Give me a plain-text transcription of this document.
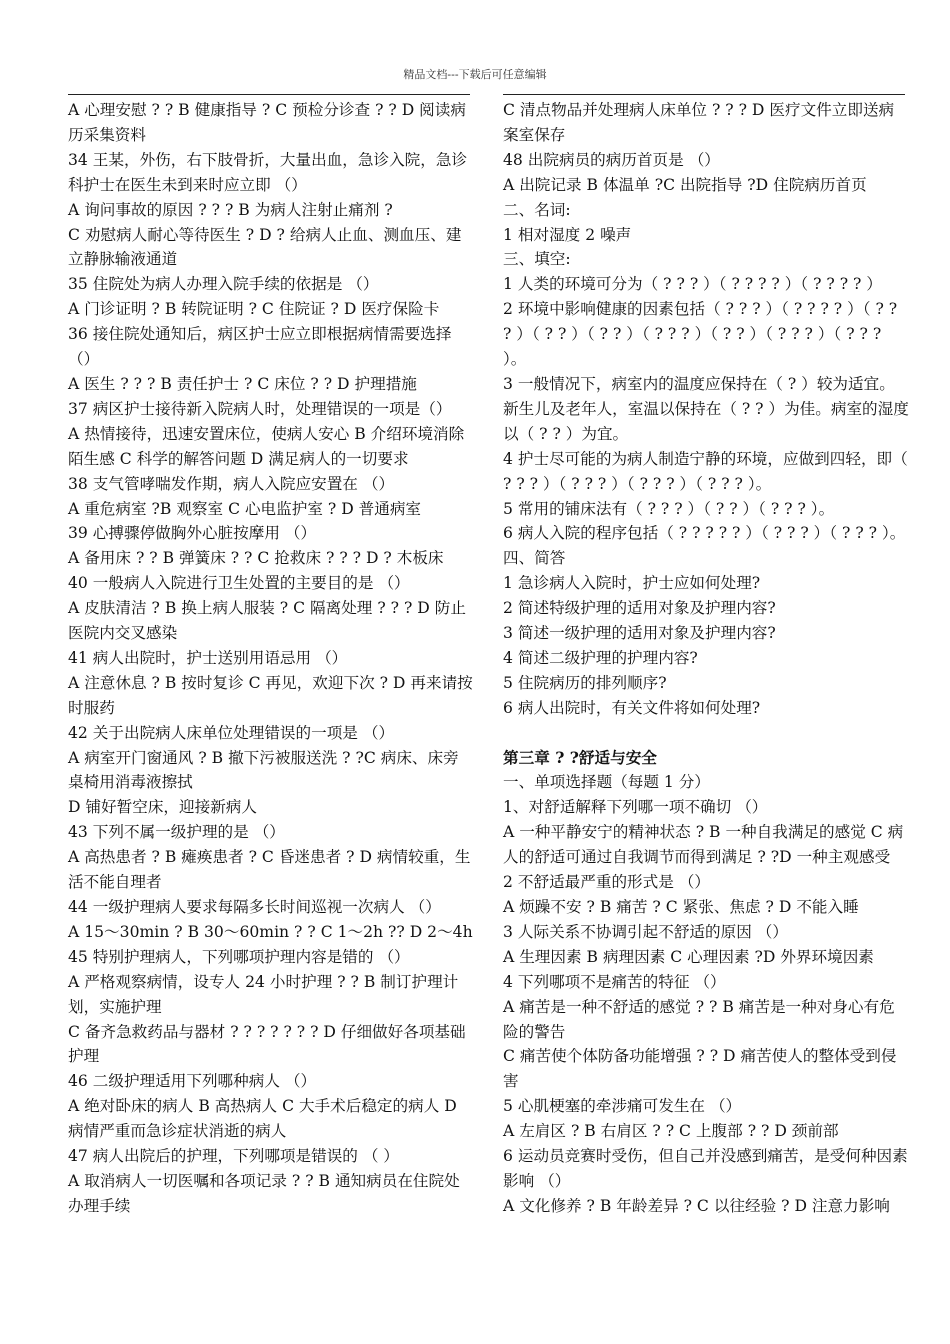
精品文档---下载后可任意编辑
A 心理安慰 ? ? B 健康指导 ? C 预检分诊查 ? ? D 阅读病历采集资料
34 王某，外伤，右下肢骨折，大量出血，急诊入院，急诊科护士在医生未到来时应立即 （）
A 询问事故的原因 ? ? ? B 为病人注射止痛剂 ?
C 劝慰病人耐心等待医生 ? D ? 给病人止血、测血压、建立静脉输液通道
35 住院处为病人办理入院手续的依据是 （）
A 门诊证明 ? B 转院证明 ? C 住院证 ? D 医疗保险卡
36 接住院处通知后，病区护士应立即根据病情需要选择 （）
A 医生 ? ? ? B 责任护士 ? C 床位 ? ? D 护理措施
37 病区护士接待新入院病人时，处理错误的一项是（）
A 热情接待，迅速安置床位，使病人安心 B 介绍环境消除陌生感 C 科学的解答问题 D 满足病人的一切要求
38 支气管哮喘发作期，病人入院应安置在 （）
A 重危病室 ?B 观察室 C 心电监护室 ? D 普通病室
39 心搏骤停做胸外心脏按摩用 （）
A 备用床 ? ? B 弹簧床 ? ? C 抢救床 ? ? ? D ? 木板床
40 一般病人入院进行卫生处置的主要目的是 （）
A 皮肤清洁 ? B 换上病人服装 ? C 隔离处理 ? ? ? D 防止医院内交叉感染
41 病人出院时，护士送别用语忌用 （）
A 注意休息 ? B 按时复诊 C 再见，欢迎下次 ? D 再来请按时服药
42 关于出院病人床单位处理错误的一项是 （）
A 病室开门窗通风 ? B 撤下污被服送洗 ? ?C 病床、床旁桌椅用消毒液擦拭
D 铺好暂空床，迎接新病人
43 下列不属一级护理的是 （）
A 高热患者 ? B 瘫痪患者 ? C 昏迷患者 ? D 病情较重，生活不能自理者
44 一级护理病人要求每隔多长时间巡视一次病人 （）
A 15～30min ? B 30～60min ? ? C 1～2h ?? D 2～4h
45 特别护理病人，下列哪项护理内容是错的 （）
A 严格观察病情，设专人 24 小时护理 ? ? B 制订护理计划，实施护理
C 备齐急救药品与器材 ? ? ? ? ? ? ? D 仔细做好各项基础护理
46 二级护理适用下列哪种病人 （）
A 绝对卧床的病人 B 高热病人 C 大手术后稳定的病人 D 病情严重而急诊症状消逝的病人
47 病人出院后的护理，下列哪项是错误的 （ ）
A 取消病人一切医嘱和各项记录 ? ? B 通知病员在住院处办理手续
C 清点物品并处理病人床单位 ? ? ? D 医疗文件立即送病案室保存
48 出院病员的病历首页是 （）
A 出院记录 B 体温单 ?C 出院指导 ?D 住院病历首页
二、名词:
1 相对湿度 2 噪声
三、填空:
1 人类的环境可分为（ ? ? ? ）（ ? ? ? ? ）（ ? ? ? ? ）
2 环境中影响健康的因素包括（ ? ? ? ）（ ? ? ? ? ）（ ? ? ? ）（ ? ? ）（ ? ? ）（ ? ? ? ）（ ? ? ）（ ? ? ? ）（ ? ? ? ）。
3 一般情况下，病室内的温度应保持在（ ? ）较为适宜。新生儿及老年人，室温以保持在（ ? ? ）为佳。病室的湿度以（ ? ? ）为宜。
4 护士尽可能的为病人制造宁静的环境，应做到四轻，即（ ? ? ? ）（ ? ? ? ）（ ? ? ? ）（ ? ? ? ）。
5 常用的铺床法有（ ? ? ? ）（ ? ? ）（ ? ? ? ）。
6 病人入院的程序包括（ ? ? ? ? ? ）（ ? ? ? ）（ ? ? ? ）。
四、简答
1 急诊病人入院时，护士应如何处理?
2 简述特级护理的适用对象及护理内容?
3 简述一级护理的适用对象及护理内容?
4 简述二级护理的护理内容?
5 住院病历的排列顺序?
6 病人出院时，有关文件将如何处理?
第三章 ? ?舒适与安全
一、单项选择题（每题 1 分）
1、对舒适解释下列哪一项不确切 （）
A 一种平静安宁的精神状态 ? B 一种自我满足的感觉 C 病人的舒适可通过自我调节而得到满足 ? ?D 一种主观感受
2 不舒适最严重的形式是 （）
A 烦躁不安 ? B 痛苦 ? C 紧张、焦虑 ? D 不能入睡
3 人际关系不协调引起不舒适的原因 （）
A 生理因素 B 病理因素 C 心理因素 ?D 外界环境因素
4 下列哪项不是痛苦的特征 （）
A 痛苦是一种不舒适的感觉 ? ? B 痛苦是一种对身心有危险的警告
C 痛苦使个体防备功能增强 ? ? D 痛苦使人的整体受到侵害
5 心肌梗塞的牵涉痛可发生在 （）
A 左肩区 ? B 右肩区 ? ? C 上腹部 ? ? D 颈前部
6 运动员竞赛时受伤，但自己并没感到痛苦，是受何种因素影响 （）
A 文化修养 ? B 年龄差异 ? C 以往经验 ? D 注意力影响
